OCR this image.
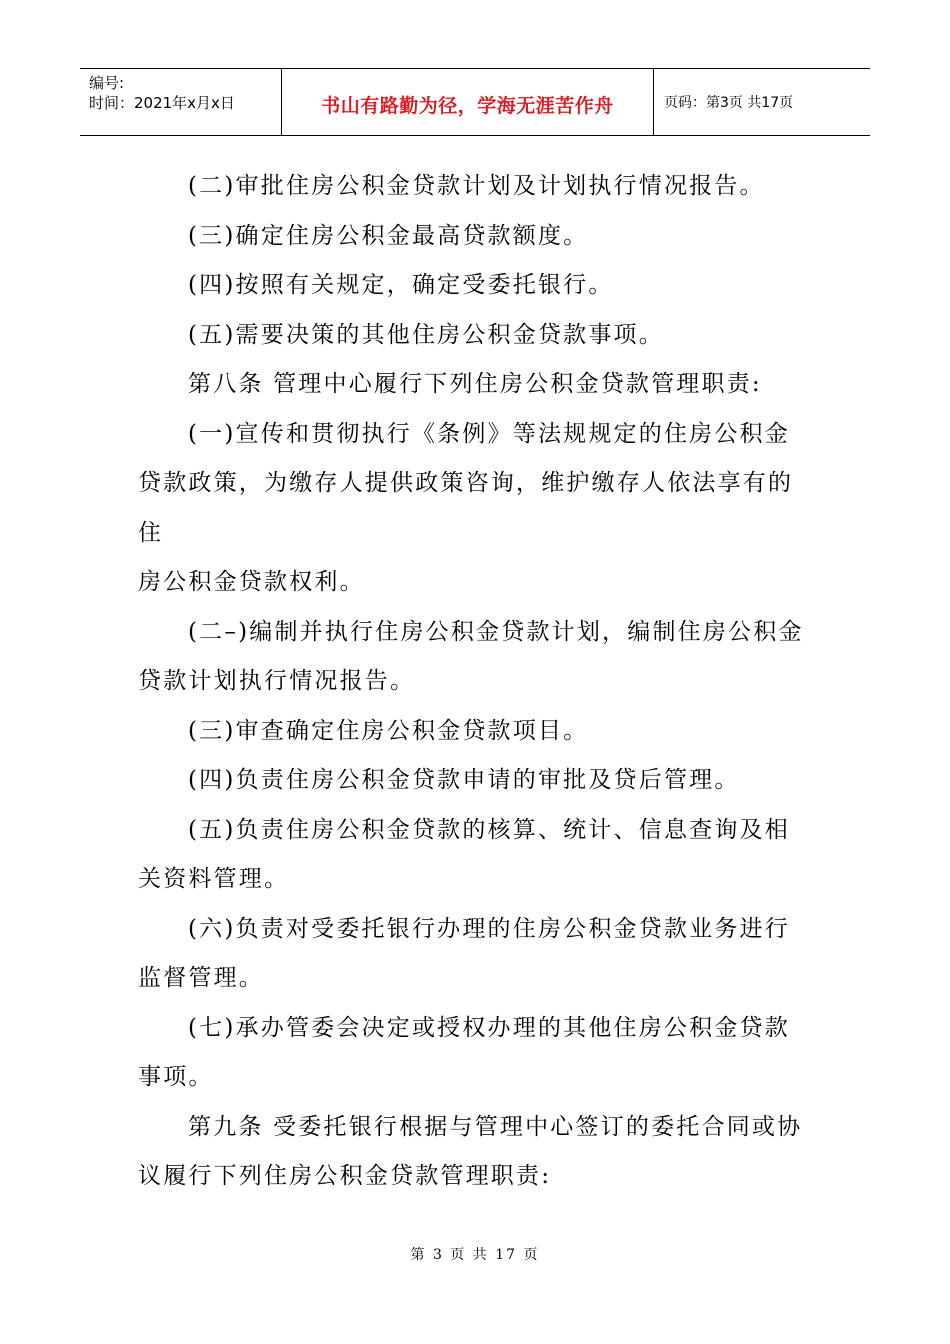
编号:
时间：2021年x月x日	书山有路勤为径，学海无涯苦作舟	页码：第3页 共17页

(二)审批住房公积金贷款计划及计划执行情况报告。

(三)确定住房公积金最高贷款额度。

(四)按照有关规定，确定受委托银行。

(五)需要决策的其他住房公积金贷款事项。

第八条 管理中心履行下列住房公积金贷款管理职责:

(一)宣传和贯彻执行《条例》等法规规定的住房公积金

贷款政策，为缴存人提供政策咨询，维护缴存人依法享有的

住

房公积金贷款权利。

(二–)编制并执行住房公积金贷款计划，编制住房公积金

贷款计划执行情况报告。

(三)审查确定住房公积金贷款项目。

(四)负责住房公积金贷款申请的审批及贷后管理。

(五)负责住房公积金贷款的核算、统计、信息查询及相

关资料管理。

(六)负责对受委托银行办理的住房公积金贷款业务进行

监督管理。

(七)承办管委会决定或授权办理的其他住房公积金贷款

事项。

第九条 受委托银行根据与管理中心签订的委托合同或协

议履行下列住房公积金贷款管理职责:

第 3 页 共 17 页
